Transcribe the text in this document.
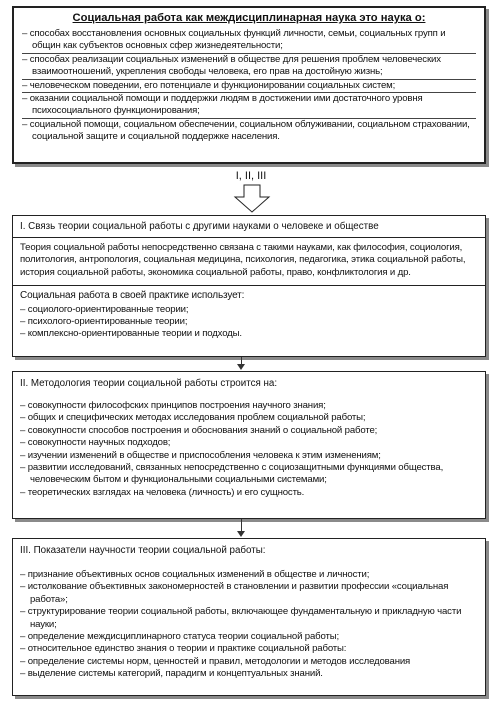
Социальная работа как междисциплинарная наука это наука о:

– способах восстановления основных социальных функций личности, семьи, социальных групп и общин как субъектов основных сфер жизнедеятельности;

– способах реализации социальных изменений в обществе для решения проблем человеческих взаимоотношений, укрепления свободы человека, его прав на достойную жизнь;

– человеческом поведении, его потенциале и функционировании социальных систем;

– оказании социальной помощи и поддержки людям в достижении ими достаточного уровня психосоциального функционирования;

– социальной помощи, социальном обеспечении, социальном облуживании, социальном страховании, социальной защите и социальной поддержке населения.

I, II, III
I. Связь теории социальной работы с другими науками о человеке и обществе
Теория социальной работы непосредственно связана с такими науками, как философия, социология, политология, антропология, социальная медицина, психология, педагогика, этика социальной работы, история социальной работы, экономика социальной работы, право, конфликтология и др.
Социальная работа в своей практике использует:

– социолого-ориентированные теории;

– психолого-ориентированные теории;

– комплексно-ориентированные теории и подходы.

II. Методология теории социальной работы строится на:

– совокупности философских принципов построения научного знания;

– общих и специфических методах исследования проблем социальной работы;

– совокупности способов построения и обоснования знаний о социальной работе;

– совокупности научных подходов;

– изучении изменений в обществе и приспособления человека к этим изменениям;

– развитии исследований, связанных непосредственно с социозащитными функциями общества, человеческим бытом и функциональными социальными системами;

– теоретических взглядах на человека (личность) и его сущность.

III. Показатели научности теории социальной работы:

– признание объективных основ социальных изменений в обществе и личности;

– истолкование объективных закономерностей в становлении и развитии профессии «социальная работа»;

– структурирование теории социальной работы, включающее фундаментальную и прикладную части науки;

– определение междисциплинарного статуса теории социальной работы;

– относительное единство знания о теории и практике социальной работы:

– определение системы норм, ценностей и правил, методологии и методов исследования

– выделение системы категорий, парадигм и концептуальных знаний.
